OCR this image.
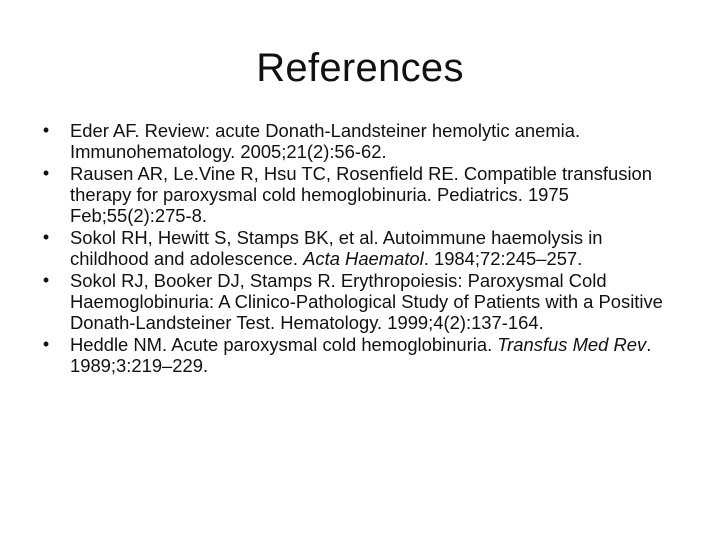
References
•	Eder AF. Review: acute Donath-Landsteiner hemolytic anemia. Immunohematology. 2005;21(2):56-62.
•	Rausen AR, Le.Vine R, Hsu TC, Rosenfield RE. Compatible transfusion therapy for paroxysmal cold hemoglobinuria. Pediatrics. 1975 Feb;55(2):275-8.
•	Sokol RH, Hewitt S, Stamps BK, et al. Autoimmune haemolysis in childhood and adolescence. Acta Haematol. 1984;72:245–257.
•	Sokol RJ, Booker DJ, Stamps R. Erythropoiesis: Paroxysmal Cold Haemoglobinuria: A Clinico-Pathological Study of Patients with a Positive Donath-Landsteiner Test. Hematology. 1999;4(2):137-164.
•	Heddle NM. Acute paroxysmal cold hemoglobinuria. Transfus Med Rev. 1989;3:219–229.
